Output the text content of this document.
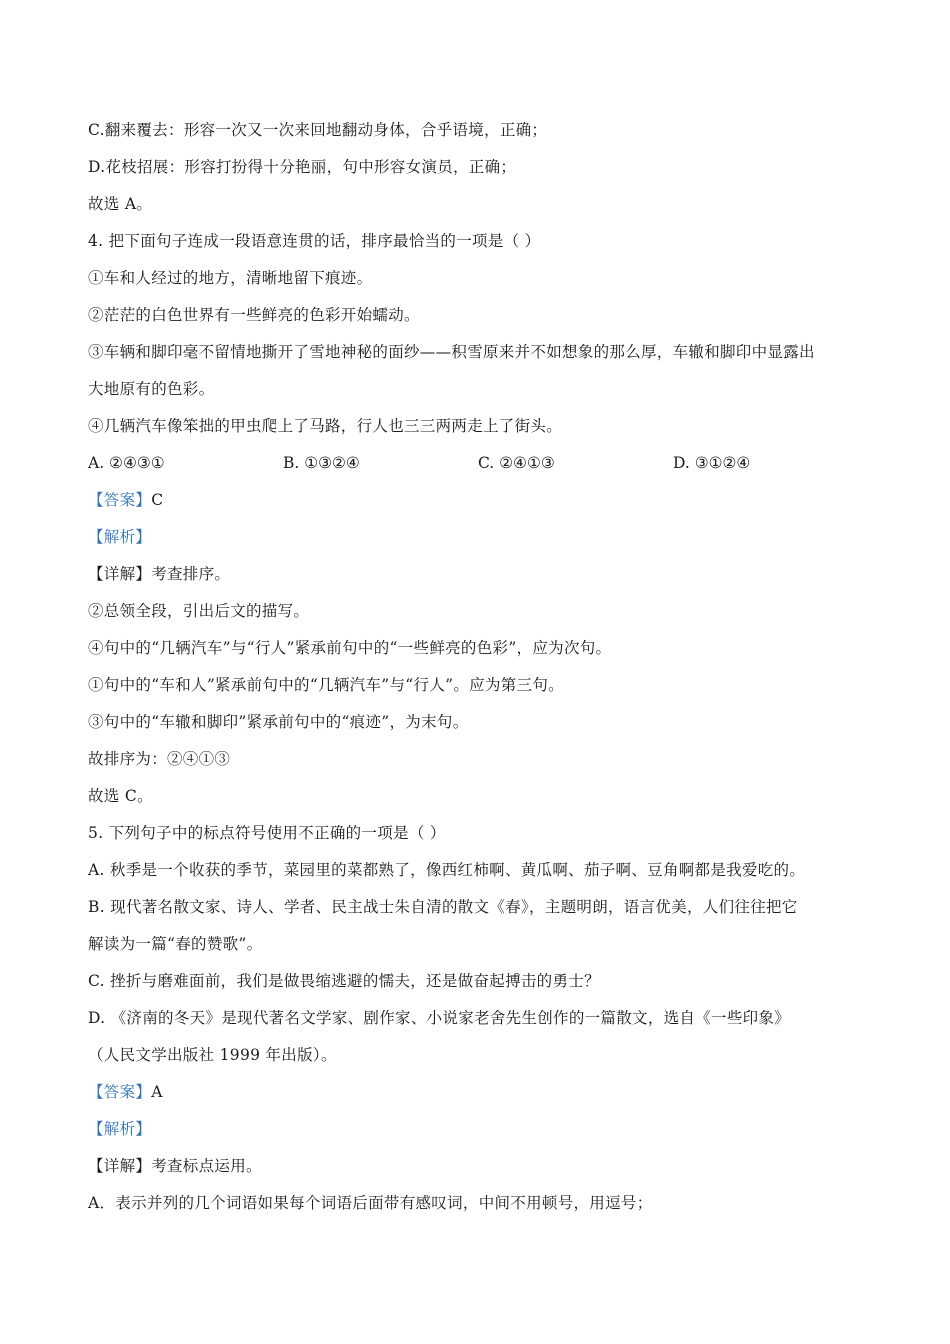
C.翻来覆去：形容一次又一次来回地翻动身体，合乎语境，正确；
D.花枝招展：形容打扮得十分艳丽，句中形容女演员，正确；
故选 A。
4. 把下面句子连成一段语意连贯的话，排序最恰当的一项是（ ）
①车和人经过的地方，清晰地留下痕迹。
②茫茫的白色世界有一些鲜亮的色彩开始蠕动。
③车辆和脚印毫不留情地撕开了雪地神秘的面纱——积雪原来并不如想象的那么厚，车辙和脚印中显露出
大地原有的色彩。
④几辆汽车像笨拙的甲虫爬上了马路，行人也三三两两走上了街头。
A. ②④③①	B. ①③②④	C. ②④①③	D. ③①②④
【答案】C
【解析】
【详解】考查排序。
②总领全段，引出后文的描写。
④句中的“几辆汽车”与“行人”紧承前句中的“一些鲜亮的色彩”，应为次句。
①句中的“车和人”紧承前句中的“几辆汽车”与“行人”。应为第三句。
③句中的“车辙和脚印”紧承前句中的“痕迹”，为末句。
故排序为：②④①③
故选 C。
5. 下列句子中的标点符号使用不正确的一项是（ ）
A. 秋季是一个收获的季节，菜园里的菜都熟了，像西红柿啊、黄瓜啊、茄子啊、豆角啊都是我爱吃的。
B. 现代著名散文家、诗人、学者、民主战士朱自清的散文《春》，主题明朗，语言优美，人们往往把它
解读为一篇“春的赞歌”。
C. 挫折与磨难面前，我们是做畏缩逃避的懦夫，还是做奋起搏击的勇士？
D. 《济南的冬天》是现代著名文学家、剧作家、小说家老舍先生创作的一篇散文，选自《一些印象》
（人民文学出版社 1999 年出版）。
【答案】A
【解析】
【详解】考查标点运用。
A．表示并列的几个词语如果每个词语后面带有感叹词，中间不用顿号，用逗号；
